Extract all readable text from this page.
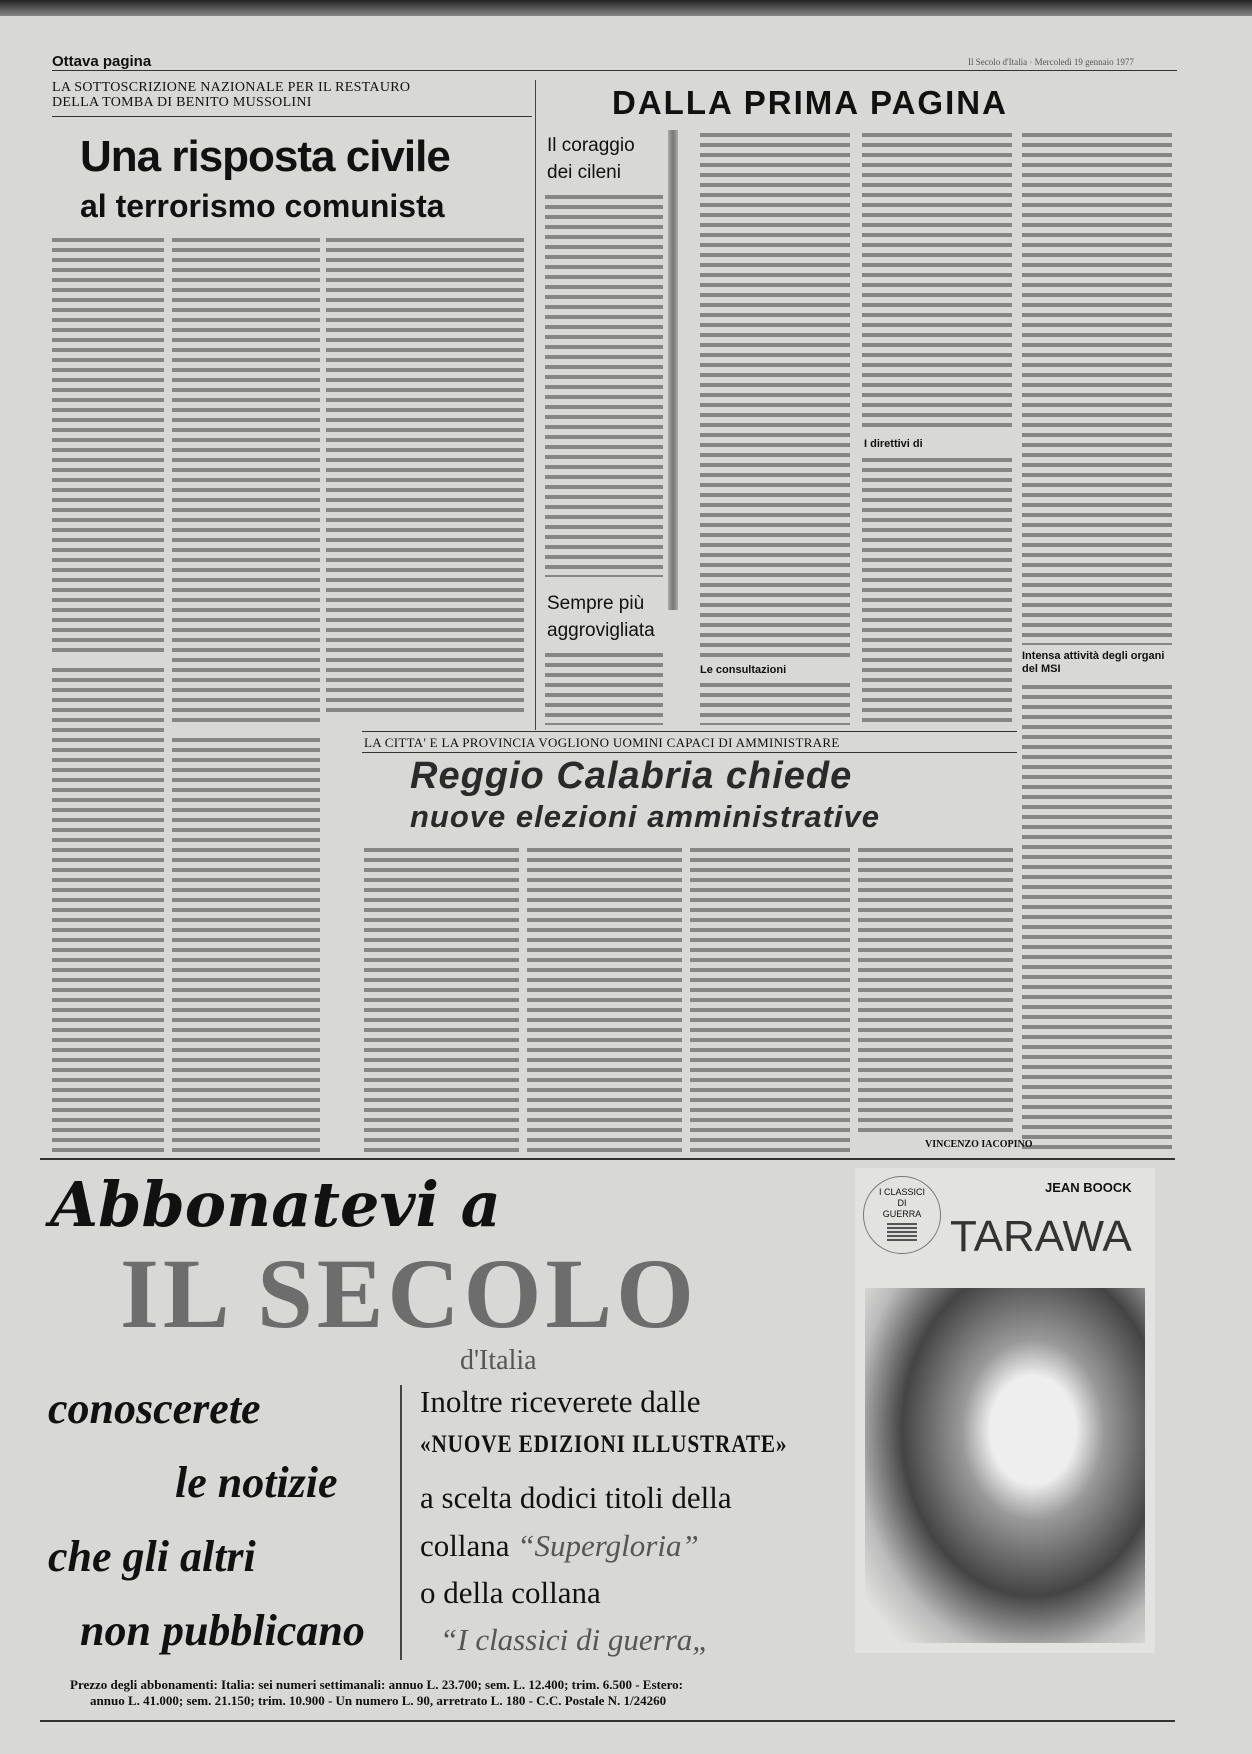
Ottava pagina	Il Secolo d'Italia · Mercoledì 19 gennaio 1977
LA SOTTOSCRIZIONE NAZIONALE PER IL RESTAURO
DELLA TOMBA DI BENITO MUSSOLINI
Una risposta civile
al terrorismo comunista
DALLA PRIMA PAGINA
Il coraggio
dei cileni
Sempre più
aggrovigliata
Le consultazioni
I direttivi di
Intensa attività degli organi del MSI
LA CITTA' E LA PROVINCIA VOGLIONO UOMINI CAPACI DI AMMINISTRARE
Reggio Calabria chiede
nuove elezioni amministrative
VINCENZO IACOPINO
Abbonatevi a
IL SECOLO
d'Italia
conoscerete
le notizie
che gli altri
non pubblicano
Inoltre riceverete dalle
«NUOVE EDIZIONI ILLUSTRATE»
a scelta dodici titoli della
collana “Supergloria”
o della collana
“I classici di guerra„
I CLASSICI
DI
GUERRA
JEAN BOOCK
TARAWA
Prezzo degli abbonamenti: Italia: sei numeri settimanali: annuo L. 23.700; sem. L. 12.400; trim. 6.500 - Estero:
annuo L. 41.000; sem. 21.150; trim. 10.900 - Un numero L. 90, arretrato L. 180 - C.C. Postale N. 1/24260
